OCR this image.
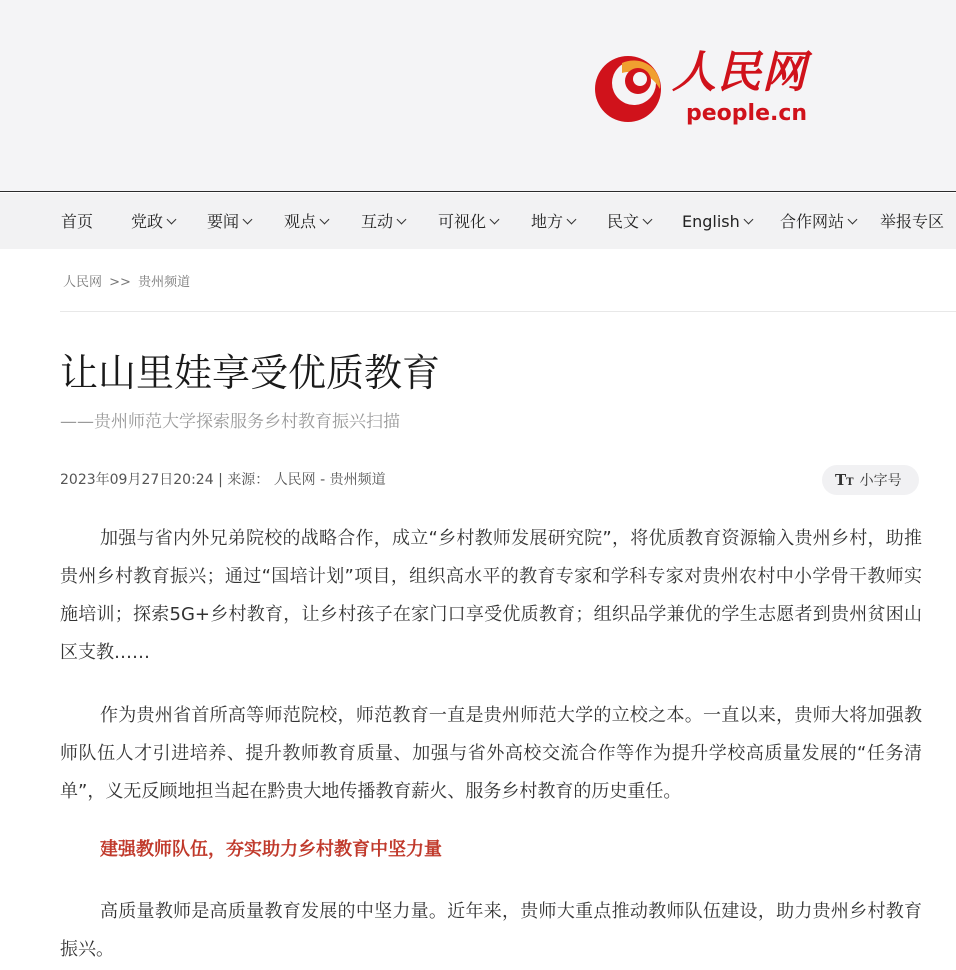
人民网
people.cn
首页 党政	要闻	观点	互动	可视化	地方	民文	English	合作网站	举报专区
人民网 >> 贵州频道
让山里娃享受优质教育
——贵州师范大学探索服务乡村教育振兴扫描
2023年09月27日20:24 | 来源： 人民网 - 贵州频道	TT 小字号

加强与省内外兄弟院校的战略合作，成立“乡村教师发展研究院”，将优质教育资源输入贵州乡村，助推贵州乡村教育振兴；通过“国培计划”项目，组织高水平的教育专家和学科专家对贵州农村中小学骨干教师实施培训；探索5G+乡村教育，让乡村孩子在家门口享受优质教育；组织品学兼优的学生志愿者到贵州贫困山区支教……

作为贵州省首所高等师范院校，师范教育一直是贵州师范大学的立校之本。一直以来，贵师大将加强教师队伍人才引进培养、提升教师教育质量、加强与省外高校交流合作等作为提升学校高质量发展的“任务清单”，义无反顾地担当起在黔贵大地传播教育薪火、服务乡村教育的历史重任。

建强教师队伍，夯实助力乡村教育中坚力量

高质量教师是高质量教育发展的中坚力量。近年来，贵师大重点推动教师队伍建设，助力贵州乡村教育振兴。
